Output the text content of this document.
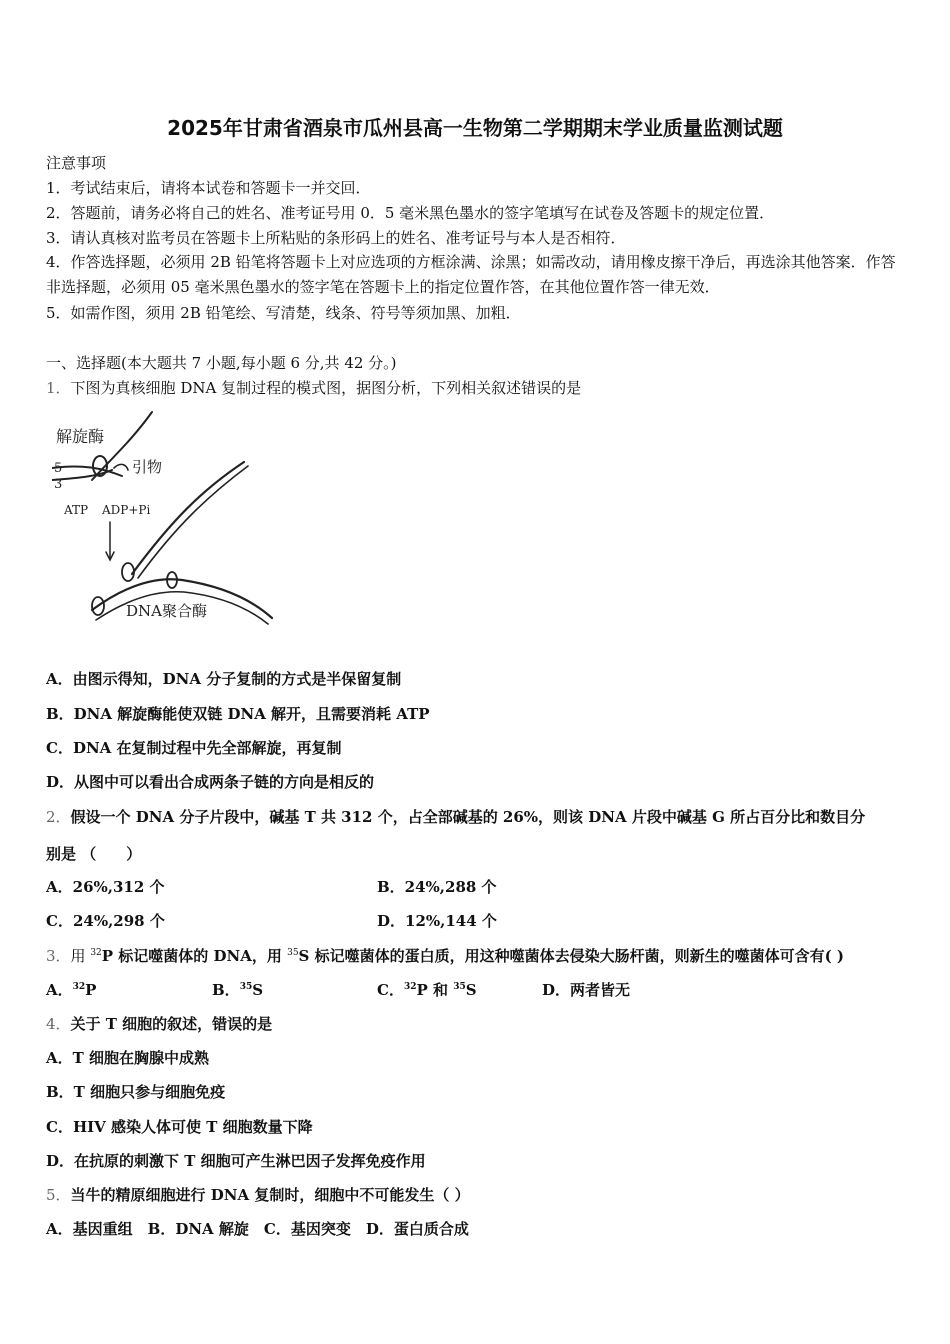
2025年甘肃省酒泉市瓜州县高一生物第二学期期末学业质量监测试题
注意事项
1．考试结束后，请将本试卷和答题卡一并交回．
2．答题前，请务必将自己的姓名、准考证号用 0．5 毫米黑色墨水的签字笔填写在试卷及答题卡的规定位置．
3．请认真核对监考员在答题卡上所粘贴的条形码上的姓名、准考证号与本人是否相符．
4．作答选择题，必须用 2B 铅笔将答题卡上对应选项的方框涂满、涂黑；如需改动，请用橡皮擦干净后，再选涂其他答案．作答非选择题，必须用 05 毫米黑色墨水的签字笔在答题卡上的指定位置作答，在其他位置作答一律无效．
5．如需作图，须用 2B 铅笔绘、写清楚，线条、符号等须加黑、加粗．
一、选择题(本大题共 7 小题,每小题 6 分,共 42 分。)
1．下图为真核细胞 DNA 复制过程的模式图，据图分析，下列相关叙述错误的是
解旋酶
引物
5
3
ATP ADP+Pi
DNA聚合酶
A．由图示得知，DNA 分子复制的方式是半保留复制
B．DNA 解旋酶能使双链 DNA 解开，且需要消耗 ATP
C．DNA 在复制过程中先全部解旋，再复制
D．从图中可以看出合成两条子链的方向是相反的
2．假设一个 DNA 分子片段中，碱基 T 共 312 个，占全部碱基的 26%，则该 DNA 片段中碱基 G 所占百分比和数目分
别是 （　　）
A．26%,312 个	B．24%,288 个
C．24%,298 个	D．12%,144 个
3．用 $^{32}$P 标记噬菌体的 DNA，用 $^{35}$S 标记噬菌体的蛋白质，用这种噬菌体去侵染大肠杆菌，则新生的噬菌体可含有( )
A．$^{32}$P	B．$^{35}$S	C．$^{32}$P 和 $^{35}$S	D．两者皆无
4．关于 T 细胞的叙述，错误的是
A．T 细胞在胸腺中成熟
B．T 细胞只参与细胞免疫
C．HIV 感染人体可使 T 细胞数量下降
D．在抗原的刺激下 T 细胞可产生淋巴因子发挥免疫作用
5．当牛的精原细胞进行 DNA 复制时，细胞中不可能发生（ ）
A．基因重组　B．DNA 解旋　C．基因突变　D．蛋白质合成
